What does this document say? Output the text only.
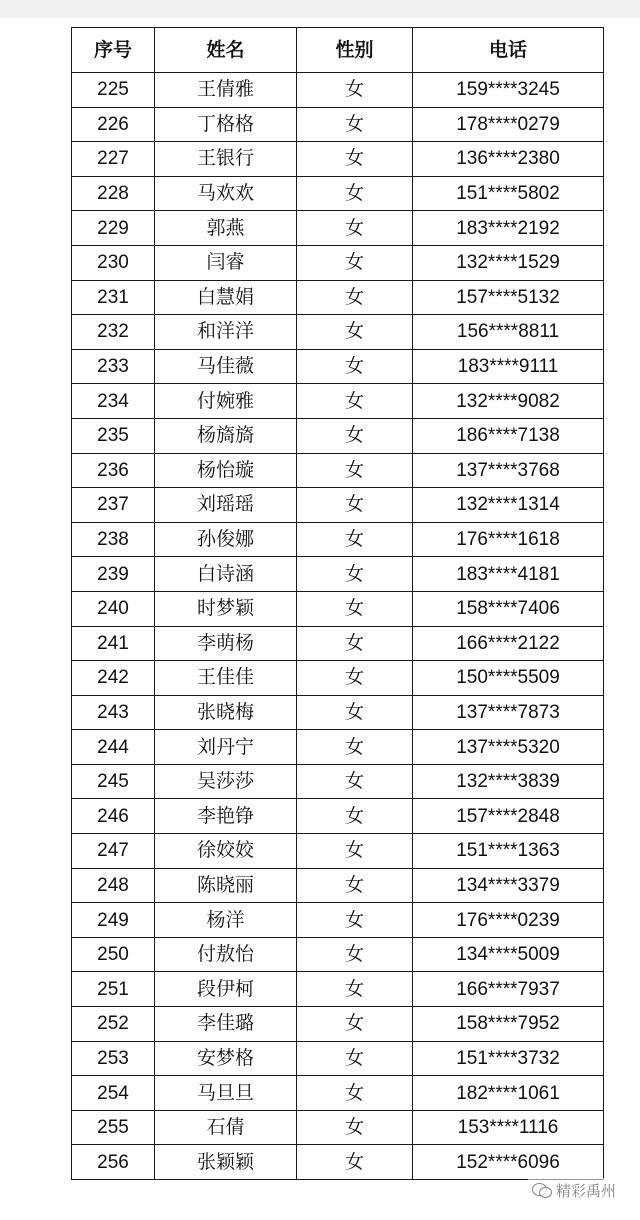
序号	姓名	性别	电话
225	王倩雅	女	159****3245
226	丁格格	女	178****0279
227	王银行	女	136****2380
228	马欢欢	女	151****5802
229	郭燕	女	183****2192
230	闫睿	女	132****1529
231	白慧娟	女	157****5132
232	和洋洋	女	156****8811
233	马佳薇	女	183****9111
234	付婉雅	女	132****9082
235	杨旖旖	女	186****7138
236	杨怡璇	女	137****3768
237	刘瑶瑶	女	132****1314
238	孙俊娜	女	176****1618
239	白诗涵	女	183****4181
240	时梦颖	女	158****7406
241	李萌杨	女	166****2122
242	王佳佳	女	150****5509
243	张晓梅	女	137****7873
244	刘丹宁	女	137****5320
245	吴莎莎	女	132****3839
246	李艳铮	女	157****2848
247	徐姣姣	女	151****1363
248	陈晓丽	女	134****3379
249	杨洋	女	176****0239
250	付敖怡	女	134****5009
251	段伊柯	女	166****7937
252	李佳璐	女	158****7952
253	安梦格	女	151****3732
254	马旦旦	女	182****1061
255	石倩	女	153****1116
256	张颖颖	女	152****6096
精彩禹州
